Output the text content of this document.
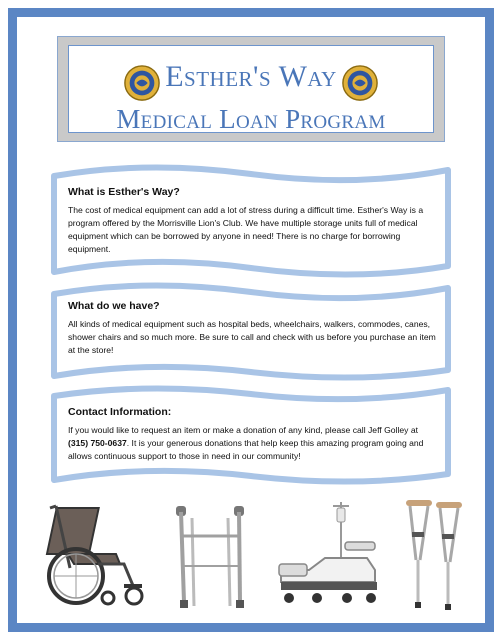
Esther's Way
Medical Loan Program
What is Esther's Way?
The cost of medical equipment can add a lot of stress during a difficult time. Esther's Way is a program offered by the Morrisville Lion's Club. We have multiple storage units full of medical equipment which can be borrowed by anyone in need! There is no charge for borrowing equipment.
What do we have?
All kinds of medical equipment such as hospital beds, wheelchairs, walkers, commodes, canes, shower chairs and so much more. Be sure to call and check with us before you purchase an item at the store!
Contact Information:
If you would like to request an item or make a donation of any kind, please call Jeff Golley at (315) 750-0637. It is your generous donations that help keep this amazing program going and allows continuous support to those in need in our community!
